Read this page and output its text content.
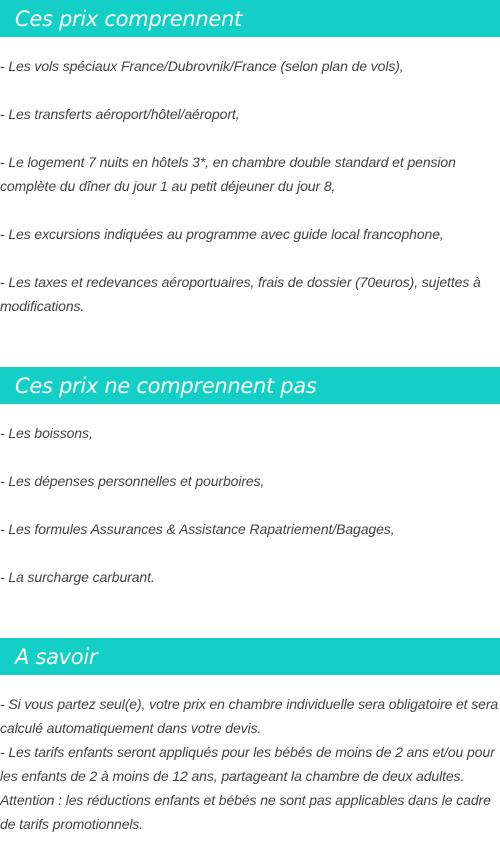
Ces prix comprennent

- Les vols spéciaux France/Dubrovnik/France (selon plan de vols),

- Les transferts aéroport/hôtel/aéroport,

- Le logement 7 nuits en hôtels 3*, en chambre double standard et pension complète du dîner du jour 1 au petit déjeuner du jour 8,

- Les excursions indiquées au programme avec guide local francophone,

- Les taxes et redevances aéroportuaires, frais de dossier (70euros), sujettes à modifications.

Ces prix ne comprennent pas

- Les boissons,

- Les dépenses personnelles et pourboires,

- Les formules Assurances & Assistance Rapatriement/Bagages,

- La surcharge carburant.

A savoir

- Si vous partez seul(e), votre prix en chambre individuelle sera obligatoire et sera calculé automatiquement dans votre devis.

- Les tarifs enfants seront appliqués pour les bébés de moins de 2 ans et/ou pour les enfants de 2 à moins de 12 ans, partageant la chambre de deux adultes.

Attention : les réductions enfants et bébés ne sont pas applicables dans le cadre de tarifs promotionnels.
